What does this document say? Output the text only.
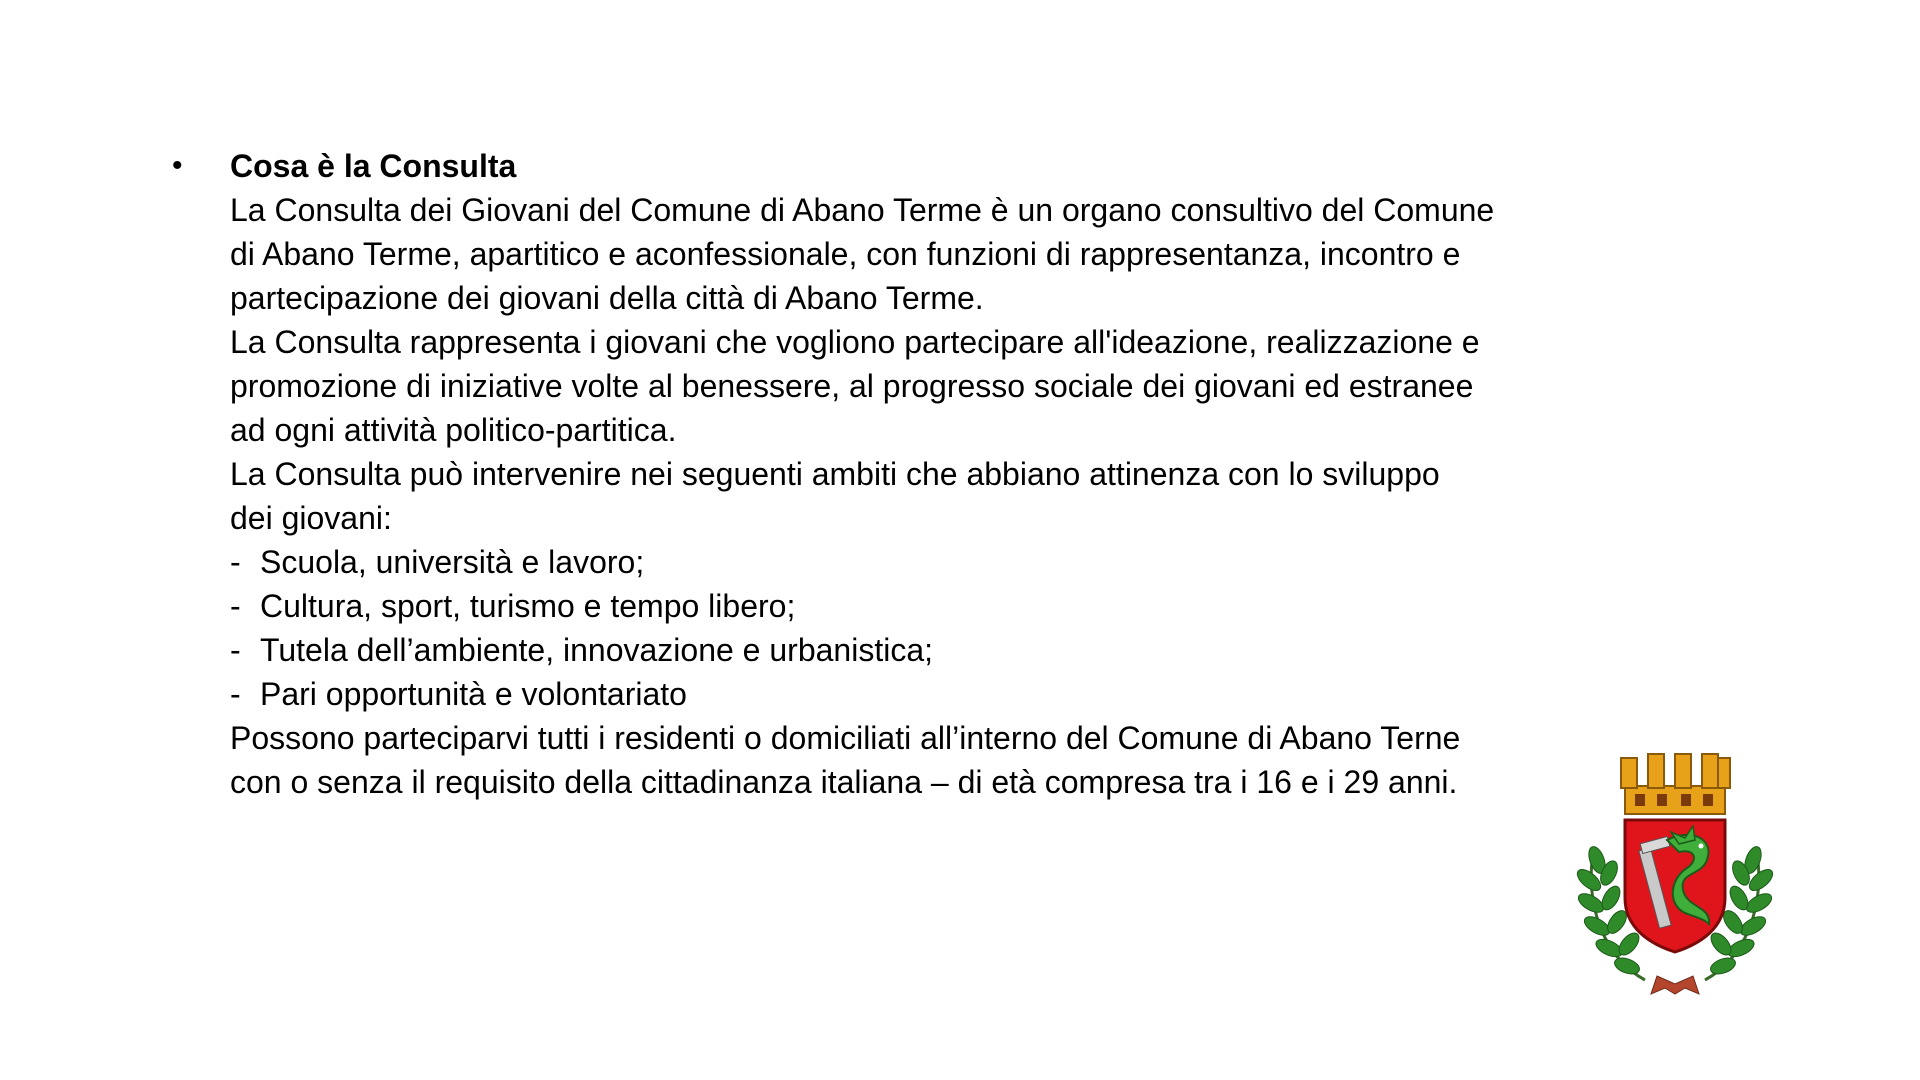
• Cosa è la Consulta
La Consulta dei Giovani del Comune di Abano Terme è un organo consultivo del Comune
di Abano Terme, apartitico e aconfessionale, con funzioni di rappresentanza, incontro e
partecipazione dei giovani della città di Abano Terme.
La Consulta rappresenta i giovani che vogliono partecipare all'ideazione, realizzazione e
promozione di iniziative volte al benessere, al progresso sociale dei giovani ed estranee
ad ogni attività politico-partitica.
La Consulta può intervenire nei seguenti ambiti che abbiano attinenza con lo sviluppo
dei giovani:
- Scuola, università e lavoro;
- Cultura, sport, turismo e tempo libero;
- Tutela dell’ambiente, innovazione e urbanistica;
- Pari opportunità e volontariato
Possono parteciparvi tutti i residenti o domiciliati all’interno del Comune di Abano Terne
con o senza il requisito della cittadinanza italiana – di età compresa tra i 16 e i 29 anni.
